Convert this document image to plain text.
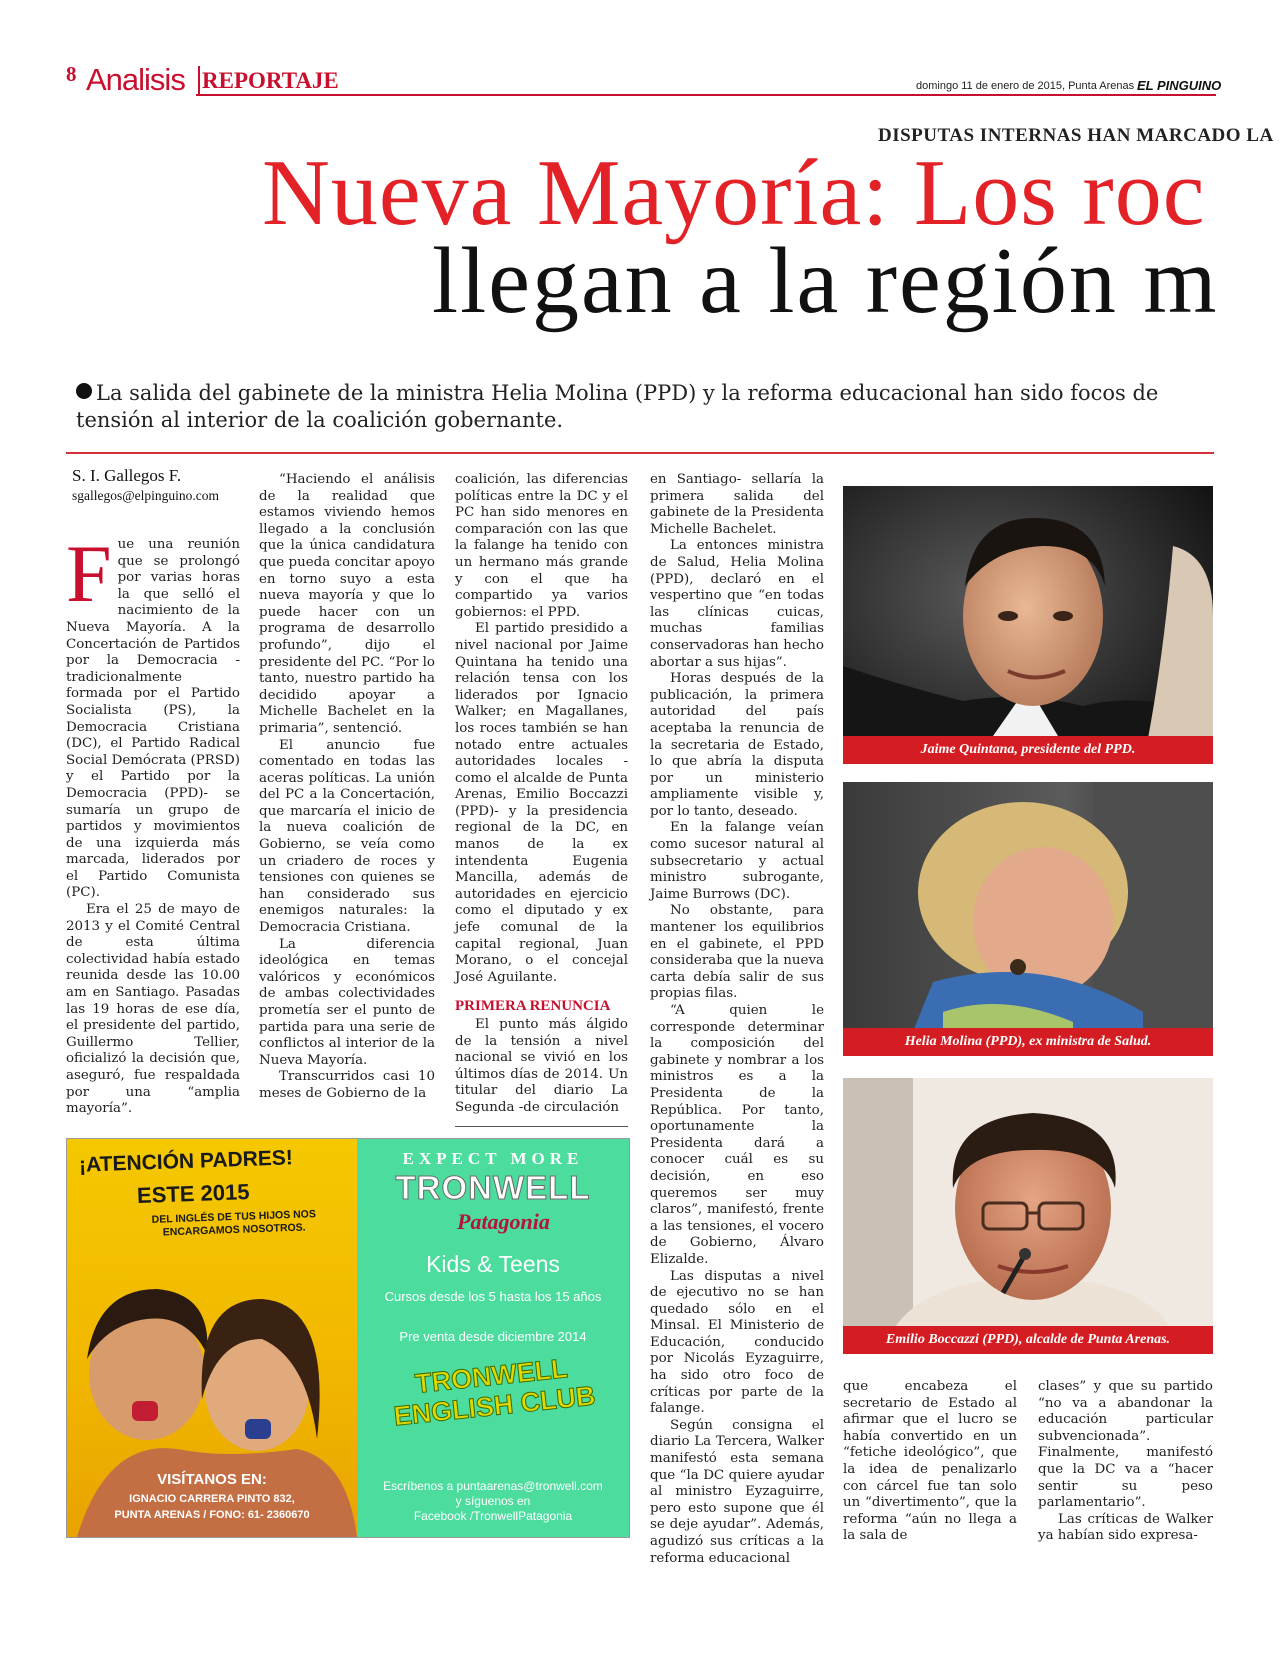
8 Analisis REPORTAJE	domingo 11 de enero de 2015, Punta Arenas EL PINGUINO
DISPUTAS INTERNAS HAN MARCADO LA
Nueva Mayoría: Los roc
llegan a la región m
La salida del gabinete de la ministra Helia Molina (PPD) y la reforma educacional han sido focos de tensión al interior de la coalición gobernante.
S. I. Gallegos F.
sgallegos@elpinguino.com
F ue una reunión que se prolongó por varias horas la que selló el nacimiento de la Nueva Mayoría. A la Concertación de Partidos por la Democracia -tradicionalmente formada por el Partido Socialista (PS), la Democracia Cristiana (DC), el Partido Radical Social Demócrata (PRSD) y el Partido por la Democracia (PPD)- se sumaría un grupo de partidos y movimientos de una izquierda más marcada, liderados por el Partido Comunista (PC).

Era el 25 de mayo de 2013 y el Comité Central de esta última colectividad había estado reunida desde las 10.00 am en Santiago. Pasadas las 19 horas de ese día, el presidente del partido, Guillermo Tellier, oficializó la decisión que, aseguró, fue respaldada por una “amplia mayoría”.

“Haciendo el análisis de la realidad que estamos viviendo hemos llegado a la conclusión que la única candidatura que pueda concitar apoyo en torno suyo a esta nueva mayoría y que lo puede hacer con un programa de desarrollo profundo”, dijo el presidente del PC. “Por lo tanto, nuestro partido ha decidido apoyar a Michelle Bachelet en la primaria”, sentenció.

El anuncio fue comentado en todas las aceras políticas. La unión del PC a la Concertación, que marcaría el inicio de la nueva coalición de Gobierno, se veía como un criadero de roces y tensiones con quienes se han considerado sus enemigos naturales: la Democracia Cristiana.

La diferencia ideológica en temas valóricos y económicos de ambas colectividades prometía ser el punto de partida para una serie de conflictos al interior de la Nueva Mayoría.

Transcurridos casi 10 meses de Gobierno de la

coalición, las diferencias políticas entre la DC y el PC han sido menores en comparación con las que la falange ha tenido con un hermano más grande y con el que ha compartido ya varios gobiernos: el PPD.

El partido presidido a nivel nacional por Jaime Quintana ha tenido una relación tensa con los liderados por Ignacio Walker; en Magallanes, los roces también se han notado entre actuales autoridades locales -como el alcalde de Punta Arenas, Emilio Boccazzi (PPD)- y la presidencia regional de la DC, en manos de la ex intendenta Eugenia Mancilla, además de autoridades en ejercicio como el diputado y ex jefe comunal de la capital regional, Juan Morano, o el concejal José Aguilante.

PRIMERA RENUNCIA

El punto más álgido de la tensión a nivel nacional se vivió en los últimos días de 2014. Un titular del diario La Segunda -de circulación

en Santiago- sellaría la primera salida del gabinete de la Presidenta Michelle Bachelet.

La entonces ministra de Salud, Helia Molina (PPD), declaró en el vespertino que “en todas las clínicas cuicas, muchas familias conservadoras han hecho abortar a sus hijas”.

Horas después de la publicación, la primera autoridad del país aceptaba la renuncia de la secretaria de Estado, lo que abría la disputa por un ministerio ampliamente visible y, por lo tanto, deseado.

En la falange veían como sucesor natural al subsecretario y actual ministro subrogante, Jaime Burrows (DC).

No obstante, para mantener los equilibrios en el gabinete, el PPD consideraba que la nueva carta debía salir de sus propias filas.

“A quien le corresponde determinar la composición del gabinete y nombrar a los ministros es a la Presidenta de la República. Por tanto, oportunamente la Presidenta dará a conocer cuál es su decisión, en eso queremos ser muy claros”, manifestó, frente a las tensiones, el vocero de Gobierno, Álvaro Elizalde.

Las disputas a nivel de ejecutivo no se han quedado sólo en el Minsal. El Ministerio de Educación, conducido por Nicolás Eyzaguirre, ha sido otro foco de críticas por parte de la falange.

Según consigna el diario La Tercera, Walker manifestó esta semana que “la DC quiere ayudar al ministro Eyzaguirre, pero esto supone que él se deje ayudar”. Además, agudizó sus críticas a la reforma educacional

que encabeza el secretario de Estado al afirmar que el lucro se había convertido en un “fetiche ideológico”, que la idea de penalizarlo con cárcel fue tan solo un “divertimento”, que la reforma “aún no llega a la sala de

clases” y que su partido “no va a abandonar la educación particular subvencionada”. Finalmente, manifestó que la DC va a “hacer sentir su peso parlamentario”.

Las críticas de Walker ya habían sido expresa-

Jaime Quintana, presidente del PPD.
Helia Molina (PPD), ex ministra de Salud.
Emilio Boccazzi (PPD), alcalde de Punta Arenas.
¡ATENCIÓN PADRES!
ESTE 2015
DEL INGLÉS DE TUS HIJOS NOS ENCARGAMOS NOSOTROS.
VISÍTANOS EN:
IGNACIO CARRERA PINTO 832,
PUNTA ARENAS / FONO: 61- 2360670
EXPECT MORE
TRONWELL
Patagonia
Kids & Teens
Cursos desde los 5 hasta los 15 años
Pre venta desde diciembre 2014
TRONWELL ENGLISH CLUB
Escríbenos a puntaarenas@tronwell.com
y síguenos en
Facebook /TronwellPatagonia
